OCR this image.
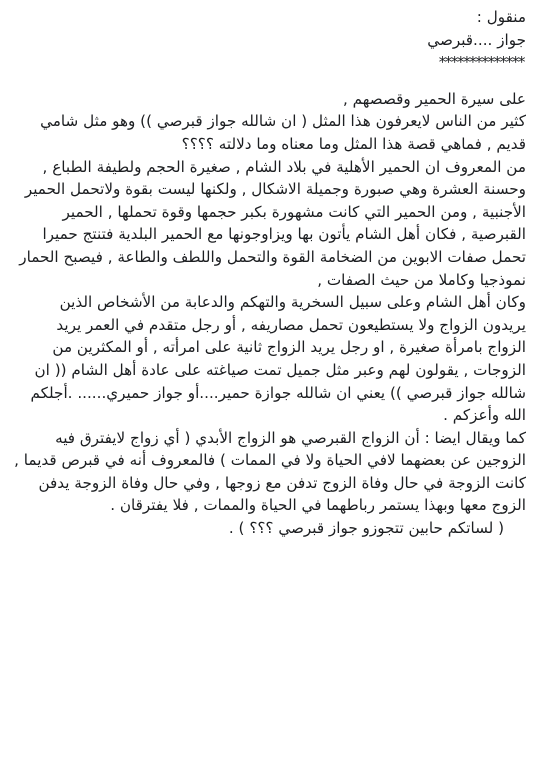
منقول :
جواز ....قبرصي
**************
على سيرة الحمير وقصصهم ,
كثير من الناس لايعرفون هذا المثل ( ان شالله جواز قبرصي )) وهو مثل شامي قديم , فماهي قصة هذا المثل وما معناه وما دلالته ؟؟؟؟
من المعروف ان الحمير الأهلية في بلاد الشام , صغيرة الحجم ولطيفة الطباع , وحسنة العشرة وهي صبورة وجميلة الاشكال , ولكنها ليست بقوة ولاتحمل الحمير الأجنبية , ومن الحمير التي كانت مشهورة بكبر حجمها وقوة تحملها , الحمير القبرصية , فكان أهل الشام يأتون بها ويزاوجونها مع الحمير البلدية فتنتج حميرا تحمل صفات الابوين من الضخامة القوة والتحمل واللطف والطاعة , فيصبح الحمار نموذجيا وكاملا من حيث الصفات ,
وكان أهل الشام وعلى سبيل السخرية والتهكم والدعابة من الأشخاص الذين يريدون الزواج ولا يستطيعون تحمل مصاريفه , أو رجل متقدم في العمر يريد الزواج بامرأة صغيرة , او رجل يريد الزواج ثانية على امرأته , أو المكثرين من الزوجات , يقولون لهم وعبر مثل جميل تمت صياغته على عادة أهل الشام (( ان شالله جواز قبرصي )) يعني ان شالله جوازة حمير....أو جواز حميري...... .أجلكم الله وأعزكم .
كما ويقال ايضا : أن الزواج القبرصي هو الزواج الأبدي ( أي زواج لايفترق فيه الزوجين عن بعضهما لافي الحياة ولا في الممات ) فالمعروف أنه في قبرص قديما , كانت الزوجة في حال وفاة الزوج تدفن مع زوجها , وفي حال وفاة الزوجة يدفن الزوج معها وبهذا يستمر رباطهما في الحياة والممات , فلا يفترقان .
( لساتكم حابين تتجوزو جواز قبرصي ؟؟؟ ) .
